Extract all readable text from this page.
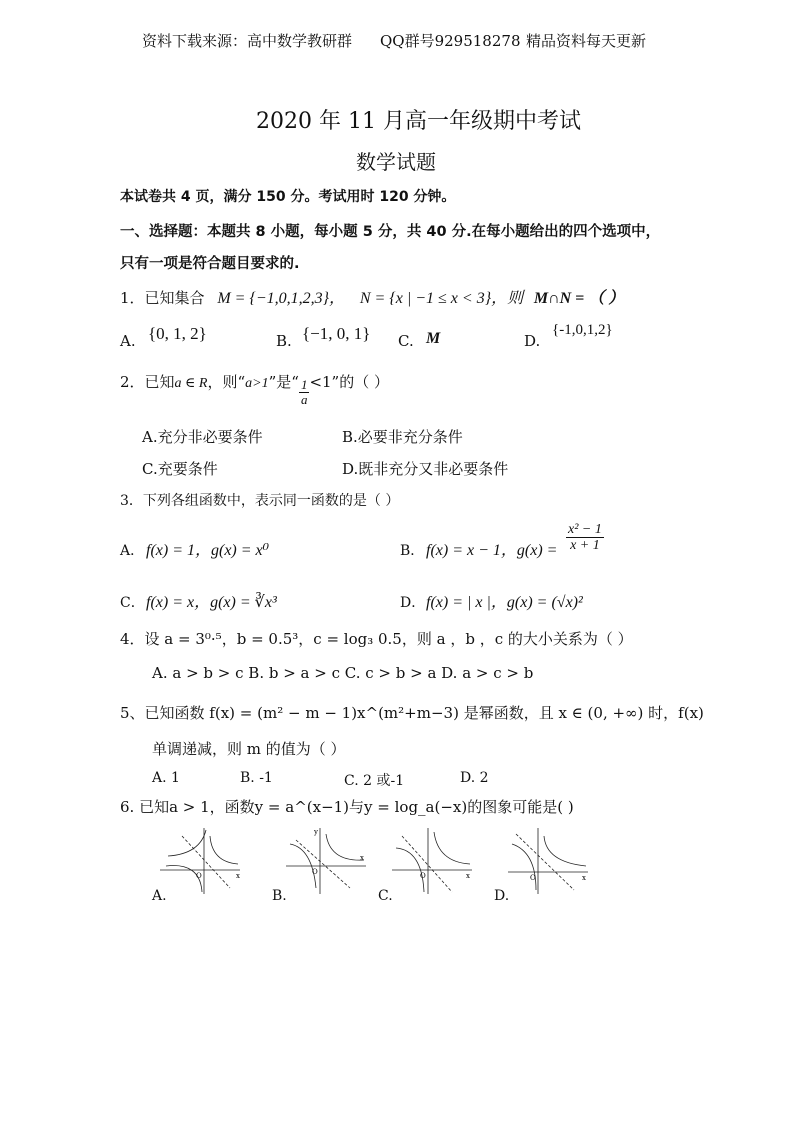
资料下载来源：高中数学教研群 QQ群号929518278 精品资料每天更新
2020 年 11 月高一年级期中考试
数学试题
本试卷共 4 页，满分 150 分。考试用时 120 分钟。
一、选择题：本题共 8 小题，每小题 5 分，共 40 分.在每小题给出的四个选项中，
只有一项是符合题目要求的.
1．已知集合 M = {−1,0,1,2,3}， N = {x | −1 ≤ x < 3}，则 M∩N = （ ）
A. {0, 1, 2}	B. {−1, 0, 1} C. M	D.
{-1,0,1,2}
2．已知a ∈ R，则“a>1”是“ $\frac{1}{a} <1$”的（ ）
A.充分非必要条件	B.必要非充分条件
C.充要条件	D.既非充分又非必要条件
3．下列各组函数中，表示同一函数的是（ ）
A． f(x) = 1，g(x) = x⁰	B． f(x) = x − 1，$g(x) = \frac{\text{x² − 1}}{x + 1}$
C． f(x) = x，g(x) = ∛x³	D． f(x) = | x |，g(x) = (√x)²
4．设 a = 3⁰·⁵，b = 0.5³，c = log₃ 0.5，则 a ，b ，c 的大小关系为（ ）
A. a > b > c B. b > a > c C. c > b > a D. a > c > b
5、已知函数 f(x) = (m² − m − 1)x^(m²+m−3) 是幂函数，且 x ∈ (0, +∞) 时，f(x)
单调递减，则 m 的值为（ ）
A. 1	B. -1	C. 2 或-1	D. 2
6. 已知a > 1，函数y = a^(x−1)与y = log_a(−x)的图象可能是( )
O	x
A.
y
O
x
B.
O	x
C.
O	x
D.
